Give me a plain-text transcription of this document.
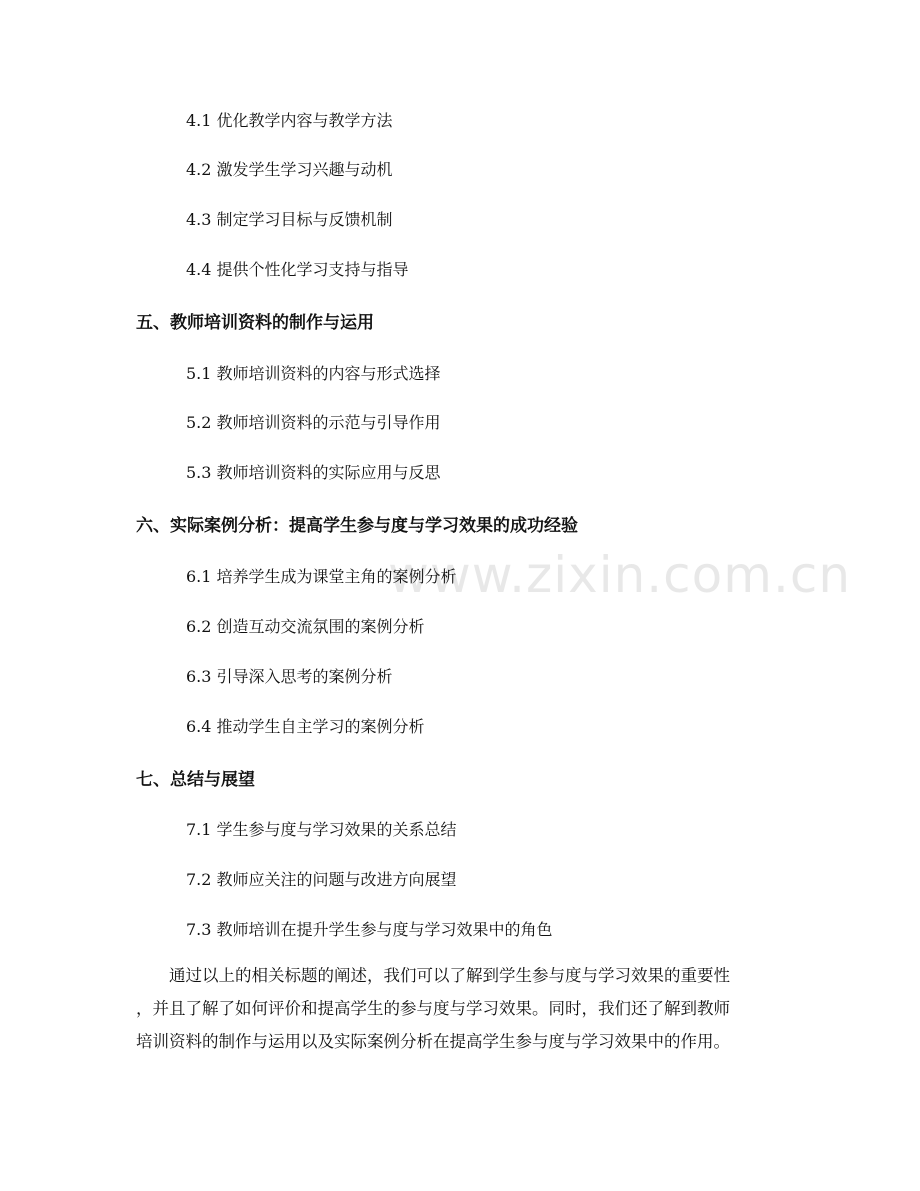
www.zixin.com.cn
4.1 优化教学内容与教学方法
4.2 激发学生学习兴趣与动机
4.3 制定学习目标与反馈机制
4.4 提供个性化学习支持与指导
五、教师培训资料的制作与运用
5.1 教师培训资料的内容与形式选择
5.2 教师培训资料的示范与引导作用
5.3 教师培训资料的实际应用与反思
六、实际案例分析：提高学生参与度与学习效果的成功经验
6.1 培养学生成为课堂主角的案例分析
6.2 创造互动交流氛围的案例分析
6.3 引导深入思考的案例分析
6.4 推动学生自主学习的案例分析
七、总结与展望
7.1 学生参与度与学习效果的关系总结
7.2 教师应关注的问题与改进方向展望
7.3 教师培训在提升学生参与度与学习效果中的角色
通过以上的相关标题的阐述，我们可以了解到学生参与度与学习效果的重要性
，并且了解了如何评价和提高学生的参与度与学习效果。同时，我们还了解到教师
培训资料的制作与运用以及实际案例分析在提高学生参与度与学习效果中的作用。
